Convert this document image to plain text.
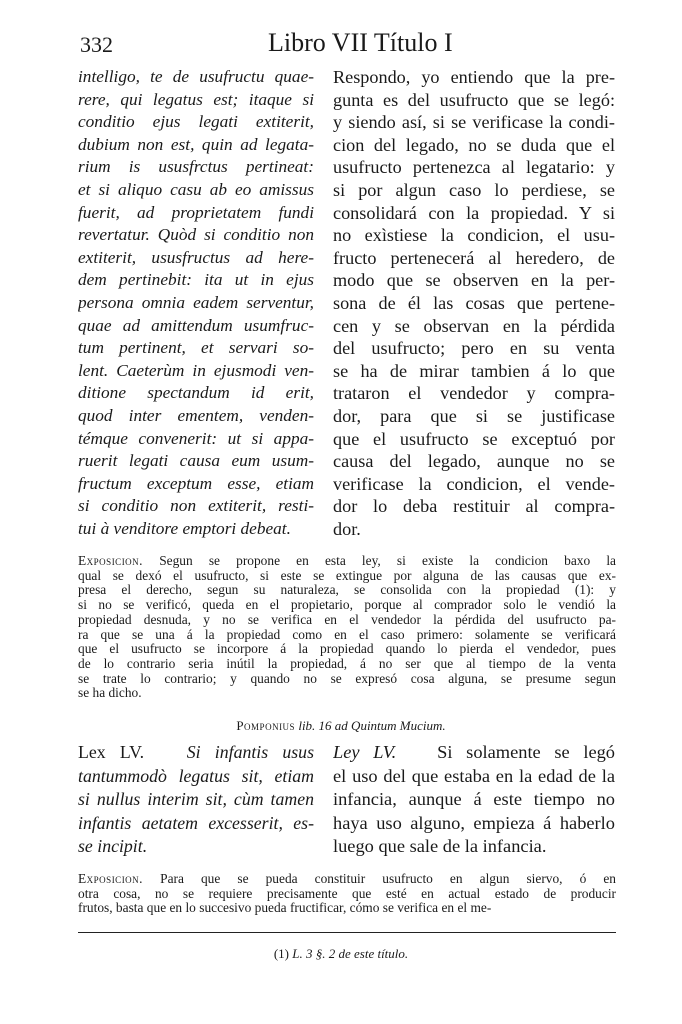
332	Libro VII Título I
intelligo, te de usufructu quae-
rere, qui legatus est; itaque si
conditio ejus legati extiterit,
dubium non est, quin ad legata-
rium is ususfrctus pertineat:
et si aliquo casu ab eo amissus
fuerit, ad proprietatem fundi
revertatur. Quòd si conditio non
extiterit, ususfructus ad here-
dem pertinebit: ita ut in ejus
persona omnia eadem serventur,
quae ad amittendum usumfruc-
tum pertinent, et servari so-
lent. Caeterùm in ejusmodi ven-
ditione spectandum id erit,
quod inter ementem, venden-
témque convenerit: ut si appa-
ruerit legati causa eum usum-
fructum exceptum esse, etiam
si conditio non extiterit, resti-
tui à venditore emptori debeat.
Respondo, yo entiendo que la pre-
gunta es del usufructo que se legó:
y siendo así, si se verificase la condi-
cion del legado, no se duda que el
usufructo pertenezca al legatario: y
si por algun caso lo perdiese, se
consolidará con la propiedad. Y si
no exìstiese la condicion, el usu-
fructo pertenecerá al heredero, de
modo que se observen en la per-
sona de él las cosas que pertene-
cen y se observan en la pérdida
del usufructo; pero en su venta
se ha de mirar tambien á lo que
trataron el vendedor y compra-
dor, para que si se justificase
que el usufructo se exceptuó por
causa del legado, aunque no se
verificase la condicion, el vende-
dor lo deba restituir al compra-
dor.
Exposicion. Segun se propone en esta ley, si existe la condicion baxo la
qual se dexó el usufructo, si este se extingue por alguna de las causas que ex-
presa el derecho, segun su naturaleza, se consolida con la propiedad (1): y
si no se verificó, queda en el propietario, porque al comprador solo le vendió la
propiedad desnuda, y no se verifica en el vendedor la pérdida del usufructo pa-
ra que se una á la propiedad como en el caso primero: solamente se verificará
que el usufructo se incorpore á la propiedad quando lo pierda el vendedor, pues
de lo contrario seria inútil la propiedad, á no ser que al tiempo de la venta
se trate lo contrario; y quando no se expresó cosa alguna, se presume segun
se ha dicho.
Pomponius lib. 16 ad Quintum Mucium.
Lex LV. Si infantis usus
tantummodò legatus sit, etiam
si nullus interim sit, cùm tamen
infantis aetatem excesserit, es-
se incipit.
Ley LV. Si solamente se legó
el uso del que estaba en la edad de la
infancia, aunque á este tiempo no
haya uso alguno, empieza á haberlo
luego que sale de la infancia.
Exposicion. Para que se pueda constituir usufructo en algun siervo, ó en
otra cosa, no se requiere precisamente que esté en actual estado de producir
frutos, basta que en lo succesivo pueda fructificar, cómo se verifica en el me-
(1) L. 3 §. 2 de este título.
